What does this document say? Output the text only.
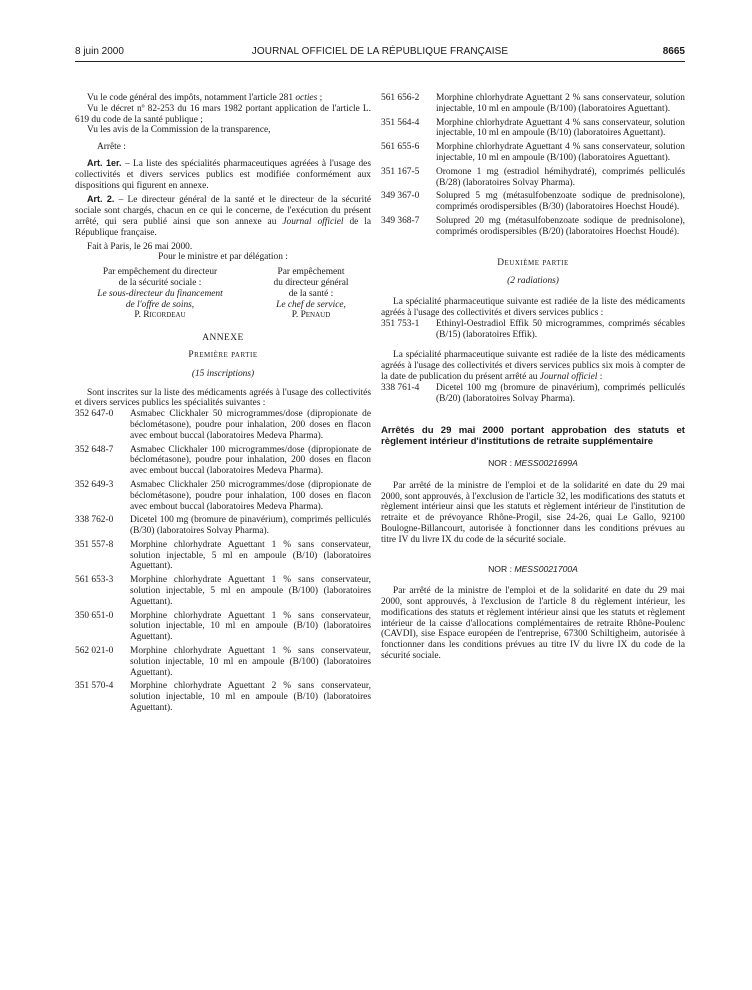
8 juin 2000	JOURNAL OFFICIEL DE LA RÉPUBLIQUE FRANÇAISE	8665

Vu le code général des impôts, notamment l'article 281 octies ;

Vu le décret nº 82-253 du 16 mars 1982 portant application de l'article L. 619 du code de la santé publique ;

Vu les avis de la Commission de la transparence,

Arrête :

Art. 1er. – La liste des spécialités pharmaceutiques agréées à l'usage des collectivités et divers services publics est modifiée conformément aux dispositions qui figurent en annexe.

Art. 2. – Le directeur général de la santé et le directeur de la sécurité sociale sont chargés, chacun en ce qui le concerne, de l'exécution du présent arrêté, qui sera publié ainsi que son annexe au Journal officiel de la République française.

Fait à Paris, le 26 mai 2000.

Pour le ministre et par délégation :

Par empêchement du directeur
de la sécurité sociale :
Le sous-directeur du financement
de l'offre de soins,
P. Ricordeau
Par empêchement
du directeur général
de la santé :
Le chef de service,
P. Penaud

ANNEXE

Première partie

(15 inscriptions)

Sont inscrites sur la liste des médicaments agréés à l'usage des collectivités et divers services publics les spécialités suivantes :

352 647-0	Asmabec Clickhaler 50 microgrammes/dose (dipropionate de béclométasone), poudre pour inhalation, 200 doses en flacon avec embout buccal (laboratoires Medeva Pharma).
352 648-7	Asmabec Clickhaler 100 microgrammes/dose (dipropionate de béclométasone), poudre pour inhalation, 200 doses en flacon avec embout buccal (laboratoires Medeva Pharma).
352 649-3	Asmabec Clickhaler 250 microgrammes/dose (dipropionate de béclométasone), poudre pour inhalation, 100 doses en flacon avec embout buccal (laboratoires Medeva Pharma).
338 762-0	Dicetel 100 mg (bromure de pinavérium), comprimés pelliculés (B/30) (laboratoires Solvay Pharma).
351 557-8	Morphine chlorhydrate Aguettant 1 % sans conservateur, solution injectable, 5 ml en ampoule (B/10) (laboratoires Aguettant).
561 653-3	Morphine chlorhydrate Aguettant 1 % sans conservateur, solution injectable, 5 ml en ampoule (B/100) (laboratoires Aguettant).
350 651-0	Morphine chlorhydrate Aguettant 1 % sans conservateur, solution injectable, 10 ml en ampoule (B/10) (laboratoires Aguettant).
562 021-0	Morphine chlorhydrate Aguettant 1 % sans conservateur, solution injectable, 10 ml en ampoule (B/100) (laboratoires Aguettant).
351 570-4	Morphine chlorhydrate Aguettant 2 % sans conservateur, solution injectable, 10 ml en ampoule (B/10) (laboratoires Aguettant).
561 656-2	Morphine chlorhydrate Aguettant 2 % sans conservateur, solution injectable, 10 ml en ampoule (B/100) (laboratoires Aguettant).
351 564-4	Morphine chlorhydrate Aguettant 4 % sans conservateur, solution injectable, 10 ml en ampoule (B/10) (laboratoires Aguettant).
561 655-6	Morphine chlorhydrate Aguettant 4 % sans conservateur, solution injectable, 10 ml en ampoule (B/100) (laboratoires Aguettant).
351 167-5	Oromone 1 mg (estradiol hémihydraté), comprimés pelliculés (B/28) (laboratoires Solvay Pharma).
349 367-0	Solupred 5 mg (métasulfobenzoate sodique de prednisolone), comprimés orodispersibles (B/30) (laboratoires Hoechst Houdé).
349 368-7	Solupred 20 mg (métasulfobenzoate sodique de prednisolone), comprimés orodispersibles (B/20) (laboratoires Hoechst Houdé).

Deuxième partie

(2 radiations)

La spécialité pharmaceutique suivante est radiée de la liste des médicaments agréés à l'usage des collectivités et divers services publics :

351 753-1	Ethinyl-Oestradiol Effik 50 microgrammes, comprimés sécables (B/15) (laboratoires Effik).

La spécialité pharmaceutique suivante est radiée de la liste des médicaments agréés à l'usage des collectivités et divers services publics six mois à compter de la date de publication du présent arrêté au Journal officiel :

338 761-4	Dicetel 100 mg (bromure de pinavérium), comprimés pelliculés (B/20) (laboratoires Solvay Pharma).

Arrêtés du 29 mai 2000 portant approbation des statuts et règlement intérieur d'institutions de retraite supplémentaire

NOR : MESS0021699A

Par arrêté de la ministre de l'emploi et de la solidarité en date du 29 mai 2000, sont approuvés, à l'exclusion de l'article 32, les modifications des statuts et règlement intérieur ainsi que les statuts et règlement intérieur de l'institution de retraite et de prévoyance Rhône-Progil, sise 24-26, quai Le Gallo, 92100 Boulogne-Billancourt, autorisée à fonctionner dans les conditions prévues au titre IV du livre IX du code de la sécurité sociale.

NOR : MESS0021700A

Par arrêté de la ministre de l'emploi et de la solidarité en date du 29 mai 2000, sont approuvés, à l'exclusion de l'article 8 du règlement intérieur, les modifications des statuts et règlement intérieur ainsi que les statuts et règlement intérieur de la caisse d'allocations complémentaires de retraite Rhône-Poulenc (CAVDI), sise Espace européen de l'entreprise, 67300 Schiltigheim, autorisée à fonctionner dans les conditions prévues au titre IV du livre IX du code de la sécurité sociale.
